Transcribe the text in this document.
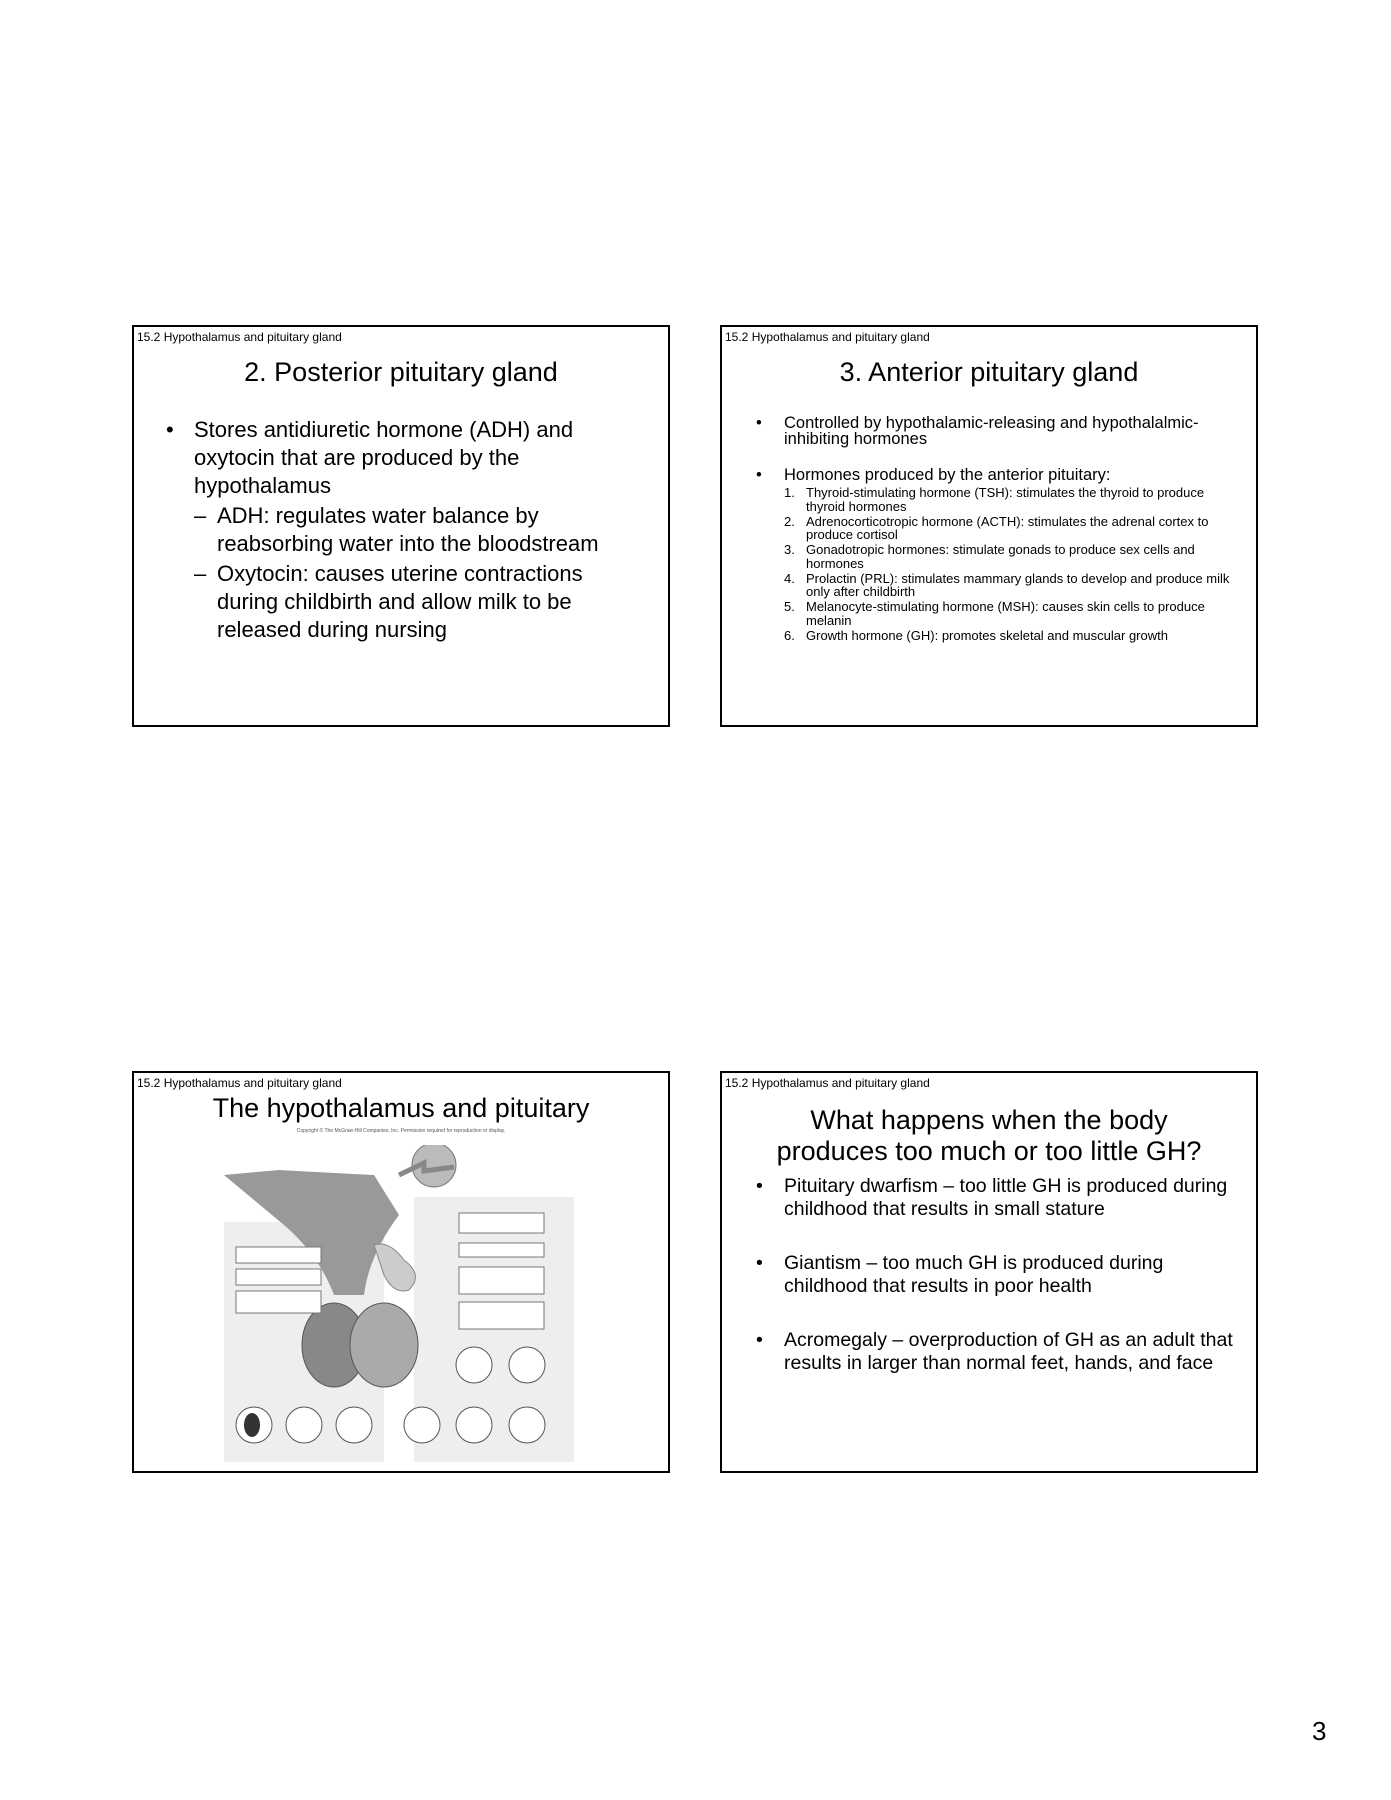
15.2 Hypothalamus and pituitary gland
2. Posterior pituitary gland
• Stores antidiuretic hormone (ADH) and oxytocin that are produced by the hypothalamus
– ADH: regulates water balance by reabsorbing water into the bloodstream
– Oxytocin: causes uterine contractions during childbirth and allow milk to be released during nursing
15.2 Hypothalamus and pituitary gland
3. Anterior pituitary gland
• Controlled by hypothalamic-releasing and hypothalalmic-inhibiting hormones
• Hormones produced by the anterior pituitary:
1. Thyroid-stimulating hormone (TSH): stimulates the thyroid to produce thyroid hormones
2. Adrenocorticotropic hormone (ACTH): stimulates the adrenal cortex to produce cortisol
3. Gonadotropic hormones: stimulate gonads to produce sex cells and hormones
4. Prolactin (PRL): stimulates mammary glands to develop and produce milk only after childbirth
5. Melanocyte-stimulating hormone (MSH): causes skin cells to produce melanin
6. Growth hormone (GH): promotes skeletal and muscular growth
15.2 Hypothalamus and pituitary gland
The hypothalamus and pituitary
Copyright © The McGraw-Hill Companies, Inc. Permission required for reproduction or display.
15.2 Hypothalamus and pituitary gland
What happens when the body
produces too much or too little GH?
• Pituitary dwarfism – too little GH is produced during childhood that results in small stature
• Giantism – too much GH is produced during childhood that results in poor health
• Acromegaly – overproduction of GH as an adult that results in larger than normal feet, hands, and face
3
